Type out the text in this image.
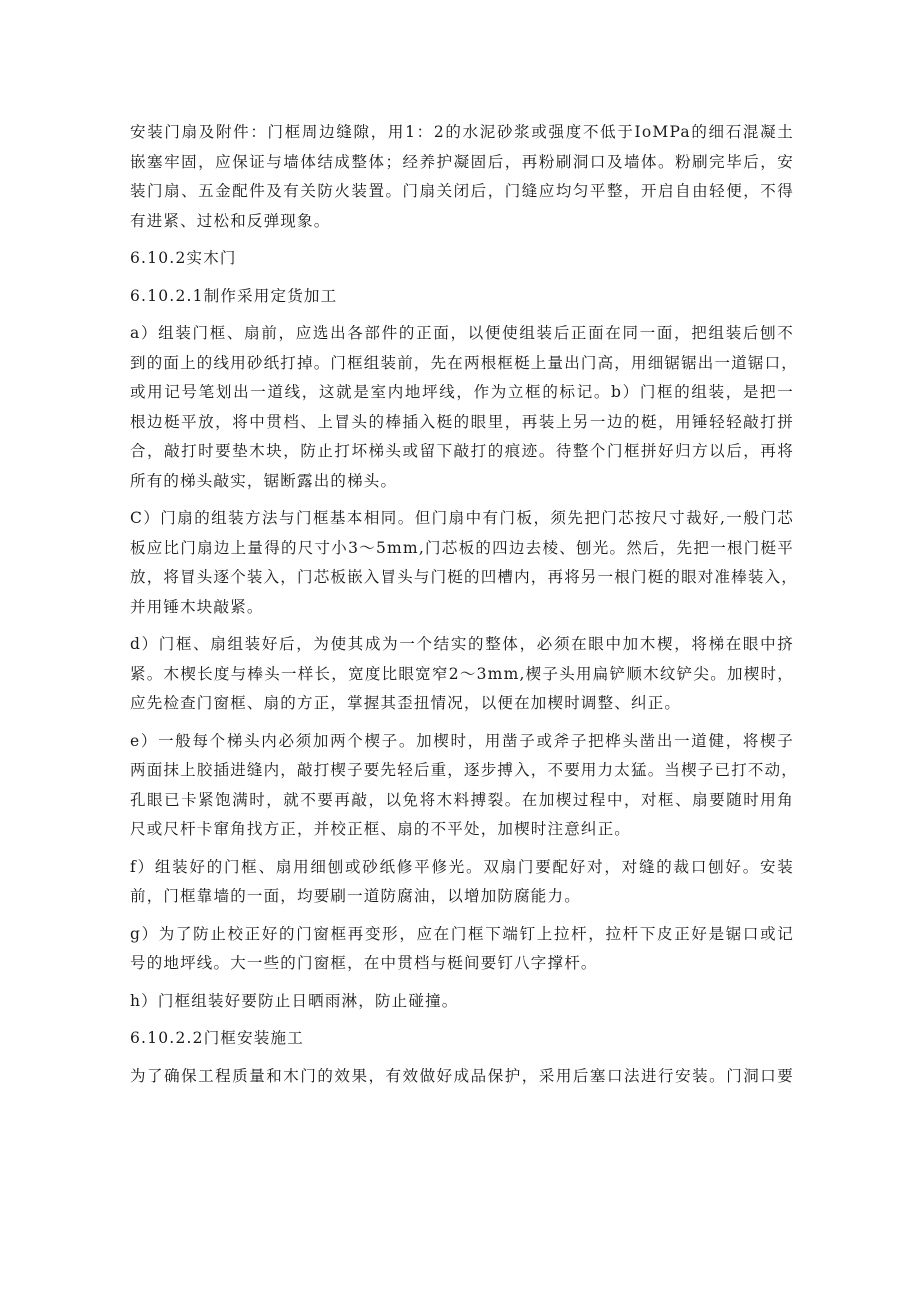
安装门扇及附件：门框周边缝隙，用1：2的水泥砂浆或强度不低于IoMPa的细石混凝土
嵌塞牢固，应保证与墙体结成整体；经养护凝固后，再粉刷洞口及墙体。粉刷完毕后，安
装门扇、五金配件及有关防火装置。门扇关闭后，门缝应均匀平整，开启自由轻便，不得
有进紧、过松和反弹现象。

6.10.2实木门

6.10.2.1制作采用定货加工

a）组装门框、扇前，应选出各部件的正面，以便使组装后正面在同一面，把组装后刨不
到的面上的线用砂纸打掉。门框组装前，先在两根框梃上量出门高，用细锯锯出一道锯口，
或用记号笔划出一道线，这就是室内地坪线，作为立框的标记。b）门框的组装，是把一
根边梃平放，将中贯档、上冒头的棒插入梃的眼里，再装上另一边的梃，用锤轻轻敲打拼
合，敲打时要垫木块，防止打坏梯头或留下敲打的痕迹。待整个门框拼好归方以后，再将
所有的梯头敲实，锯断露出的梯头。

C）门扇的组装方法与门框基本相同。但门扇中有门板，须先把门芯按尺寸裁好,一般门芯
板应比门扇边上量得的尺寸小3～5mm,门芯板的四边去棱、刨光。然后，先把一根门梃平
放，将冒头逐个装入，门芯板嵌入冒头与门梃的凹槽内，再将另一根门梃的眼对准棒装入，
并用锤木块敲紧。

d）门框、扇组装好后，为使其成为一个结实的整体，必须在眼中加木楔，将梯在眼中挤
紧。木楔长度与棒头一样长，宽度比眼宽窄2～3mm,楔子头用扁铲顺木纹铲尖。加楔时，
应先检查门窗框、扇的方正，掌握其歪扭情况，以便在加楔时调整、纠正。

e）一般每个梯头内必须加两个楔子。加楔时，用凿子或斧子把桦头凿出一道健，将楔子
两面抹上胶插进缝内，敲打楔子要先轻后重，逐步搏入，不要用力太猛。当楔子已打不动，
孔眼已卡紧饱满时，就不要再敲，以免将木料搏裂。在加楔过程中，对框、扇要随时用角
尺或尺杆卡窜角找方正，并校正框、扇的不平处，加楔时注意纠正。

f）组装好的门框、扇用细刨或砂纸修平修光。双扇门要配好对，对缝的裁口刨好。安装
前，门框靠墙的一面，均要刷一道防腐油，以增加防腐能力。

g）为了防止校正好的门窗框再变形，应在门框下端钉上拉杆，拉杆下皮正好是锯口或记
号的地坪线。大一些的门窗框，在中贯档与梃间要钉八字撑杆。

h）门框组装好要防止日晒雨淋，防止碰撞。

6.10.2.2门框安装施工

为了确保工程质量和木门的效果，有效做好成品保护，采用后塞口法进行安装。门洞口要
